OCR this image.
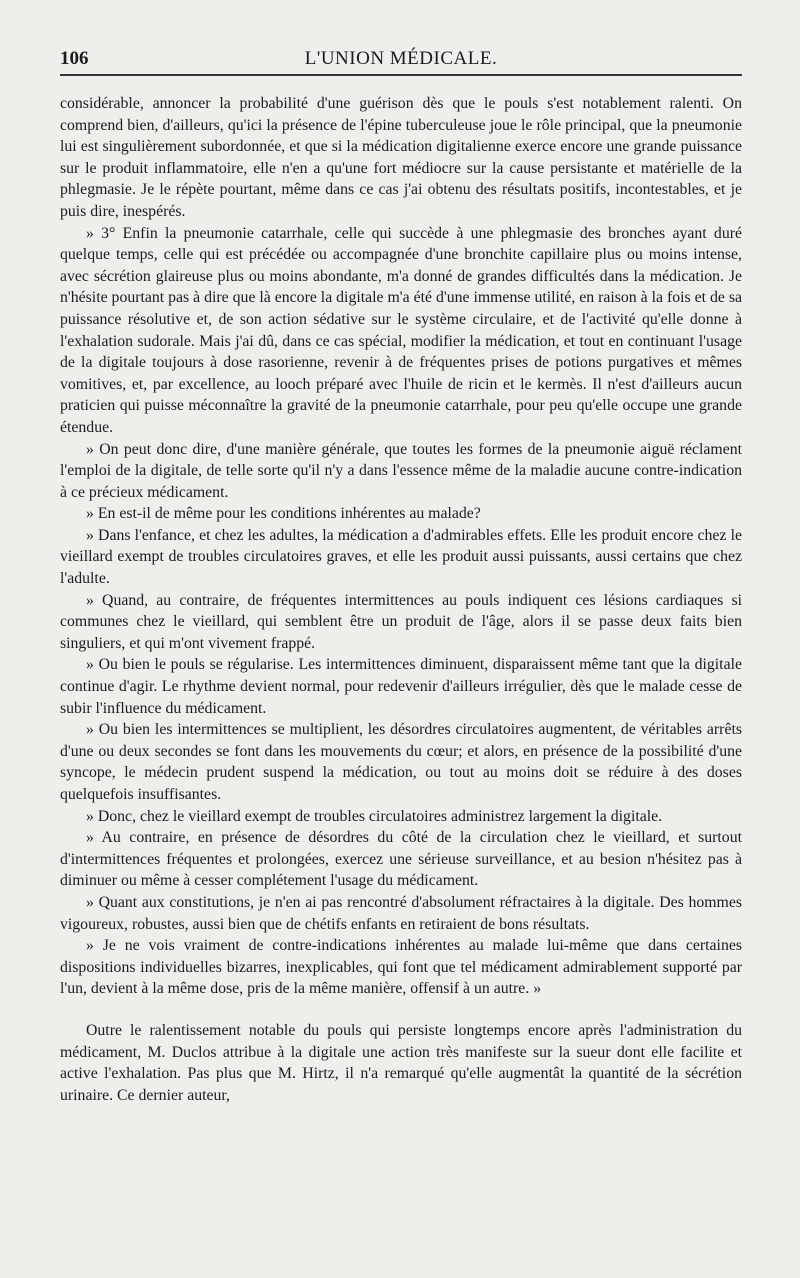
106	L'UNION MÉDICALE.

considérable, annoncer la probabilité d'une guérison dès que le pouls s'est notablement ralenti. On comprend bien, d'ailleurs, qu'ici la présence de l'épine tuberculeuse joue le rôle principal, que la pneumonie lui est singulièrement subordonnée, et que si la médication digitalienne exerce encore une grande puissance sur le produit inflammatoire, elle n'en a qu'une fort médiocre sur la cause persistante et matérielle de la phlegmasie. Je le répète pourtant, même dans ce cas j'ai obtenu des résultats positifs, incontestables, et je puis dire, inespérés.

» 3° Enfin la pneumonie catarrhale, celle qui succède à une phlegmasie des bronches ayant duré quelque temps, celle qui est précédée ou accompagnée d'une bronchite capillaire plus ou moins intense, avec sécrétion glaireuse plus ou moins abondante, m'a donné de grandes difficultés dans la médication. Je n'hésite pourtant pas à dire que là encore la digitale m'a été d'une immense utilité, en raison à la fois et de sa puissance résolutive et, de son action sédative sur le système circulaire, et de l'activité qu'elle donne à l'exhalation sudorale. Mais j'ai dû, dans ce cas spécial, modifier la médication, et tout en continuant l'usage de la digitale toujours à dose rasorienne, revenir à de fréquentes prises de potions purgatives et mêmes vomitives, et, par excellence, au looch préparé avec l'huile de ricin et le kermès. Il n'est d'ailleurs aucun praticien qui puisse méconnaître la gravité de la pneumonie catarrhale, pour peu qu'elle occupe une grande étendue.

» On peut donc dire, d'une manière générale, que toutes les formes de la pneumonie aiguë réclament l'emploi de la digitale, de telle sorte qu'il n'y a dans l'essence même de la maladie aucune contre-indication à ce précieux médicament.

» En est-il de même pour les conditions inhérentes au malade?

» Dans l'enfance, et chez les adultes, la médication a d'admirables effets. Elle les produit encore chez le vieillard exempt de troubles circulatoires graves, et elle les produit aussi puissants, aussi certains que chez l'adulte.

» Quand, au contraire, de fréquentes intermittences au pouls indiquent ces lésions cardiaques si communes chez le vieillard, qui semblent être un produit de l'âge, alors il se passe deux faits bien singuliers, et qui m'ont vivement frappé.

» Ou bien le pouls se régularise. Les intermittences diminuent, disparaissent même tant que la digitale continue d'agir. Le rhythme devient normal, pour redevenir d'ailleurs irrégulier, dès que le malade cesse de subir l'influence du médicament.

» Ou bien les intermittences se multiplient, les désordres circulatoires augmentent, de véritables arrêts d'une ou deux secondes se font dans les mouvements du cœur; et alors, en présence de la possibilité d'une syncope, le médecin prudent suspend la médication, ou tout au moins doit se réduire à des doses quelquefois insuffisantes.

» Donc, chez le vieillard exempt de troubles circulatoires administrez largement la digitale.

» Au contraire, en présence de désordres du côté de la circulation chez le vieillard, et surtout d'intermittences fréquentes et prolongées, exercez une sérieuse surveillance, et au besion n'hésitez pas à diminuer ou même à cesser complétement l'usage du médicament.

» Quant aux constitutions, je n'en ai pas rencontré d'absolument réfractaires à la digitale. Des hommes vigoureux, robustes, aussi bien que de chétifs enfants en retiraient de bons résultats.

» Je ne vois vraiment de contre-indications inhérentes au malade lui-même que dans certaines dispositions individuelles bizarres, inexplicables, qui font que tel médicament admirablement supporté par l'un, devient à la même dose, pris de la même manière, offensif à un autre. »

Outre le ralentissement notable du pouls qui persiste longtemps encore après l'administration du médicament, M. Duclos attribue à la digitale une action très manifeste sur la sueur dont elle facilite et active l'exhalation. Pas plus que M. Hirtz, il n'a remarqué qu'elle augmentât la quantité de la sécrétion urinaire. Ce dernier auteur,
